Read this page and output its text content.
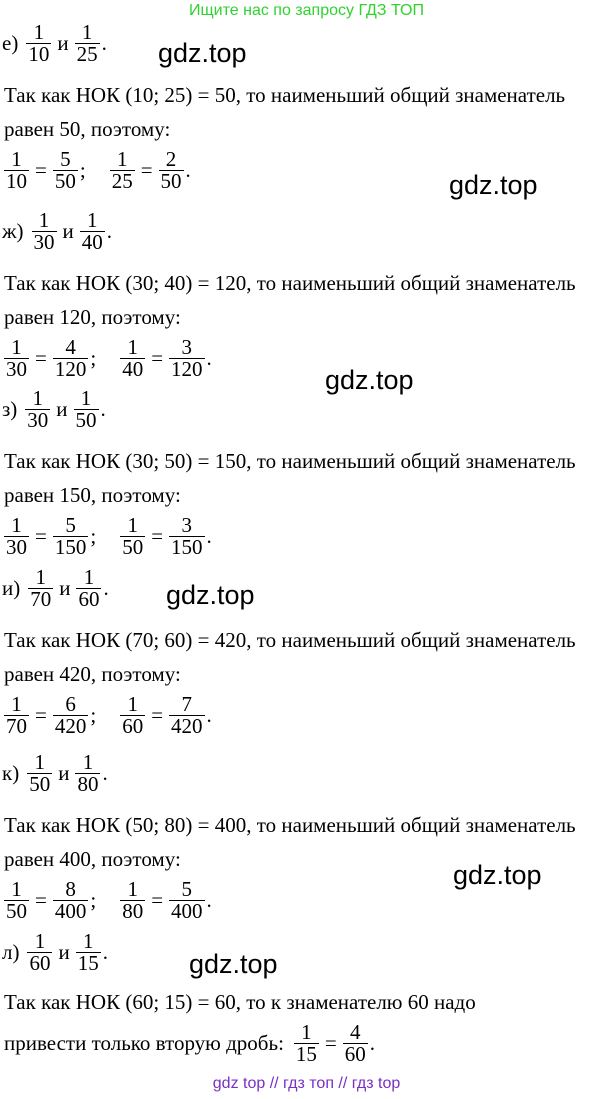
Ищите нас по запросу ГДЗ ТОП
gdz.top
gdz.top
gdz.top
gdz.top
gdz.top
gdz.top
$е) \frac{1}{10}$ и $\frac{1}{25}$ .
Так как НОК (10; 25) = 50, то наименьший общий знаменатель
равен 50, поэтому:
$\frac{1}{10} = \frac{5}{50}$ ; $\frac{1}{25} = \frac{2}{50}$ .
$ж) \frac{1}{30}$ и $\frac{1}{40}$ .
Так как НОК (30; 40) = 120, то наименьший общий знаменатель
равен 120, поэтому:
$\frac{1}{30} = \frac{4}{120}$ ; $\frac{1}{40} = \frac{3}{120}$ .
$з) \frac{1}{30}$ и $\frac{1}{50}$ .
Так как НОК (30; 50) = 150, то наименьший общий знаменатель
равен 150, поэтому:
$\frac{1}{30} = \frac{5}{150}$ ; $\frac{1}{50} = \frac{3}{150}$ .
$и) \frac{1}{70}$ и $\frac{1}{60}$ .
Так как НОК (70; 60) = 420, то наименьший общий знаменатель
равен 420, поэтому:
$\frac{1}{70} = \frac{6}{420}$ ; $\frac{1}{60} = \frac{7}{420}$ .
$к) \frac{1}{50}$ и $\frac{1}{80}$ .
Так как НОК (50; 80) = 400, то наименьший общий знаменатель
равен 400, поэтому:
$\frac{1}{50} = \frac{8}{400}$ ; $\frac{1}{80} = \frac{5}{400}$ .
$л) \frac{1}{60}$ и $\frac{1}{15}$ .
Так как НОК (60; 15) = 60, то к знаменателю 60 надо
привести только вторую дробь: $\frac{1}{15} = \frac{4}{60}$ .
gdz top // гдз топ // гдз top
